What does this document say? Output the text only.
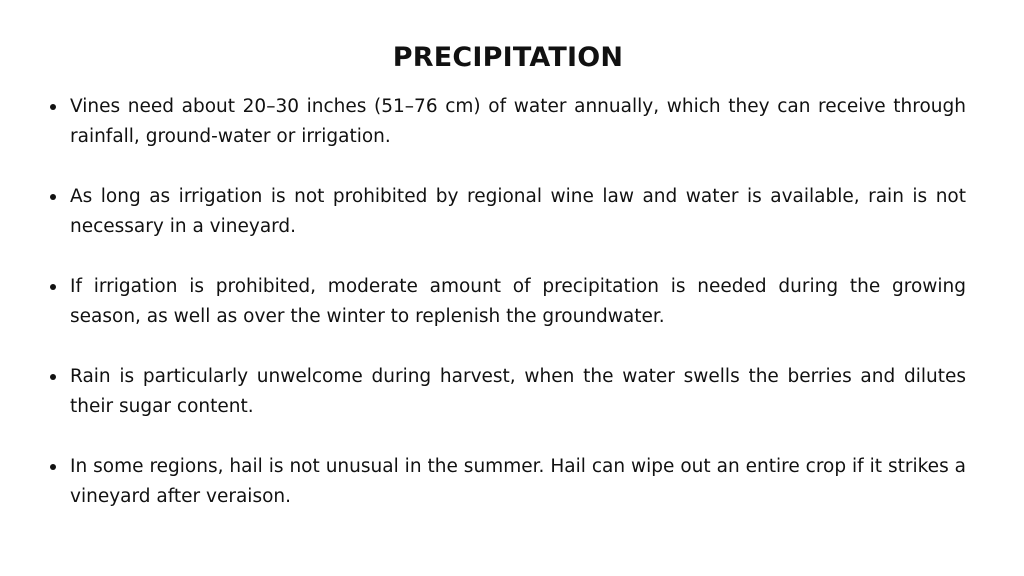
PRECIPITATION
Vines need about 20–30 inches (51–76 cm) of water annually, which they can receive through rainfall, ground-water or irrigation.
As long as irrigation is not prohibited by regional wine law and water is available, rain is not necessary in a vineyard.
If irrigation is prohibited, moderate amount of precipitation is needed during the growing season, as well as over the winter to replenish the groundwater.
Rain is particularly unwelcome during harvest, when the water swells the berries and dilutes their sugar content.
In some regions, hail is not unusual in the summer. Hail can wipe out an entire crop if it strikes a vineyard after veraison.
